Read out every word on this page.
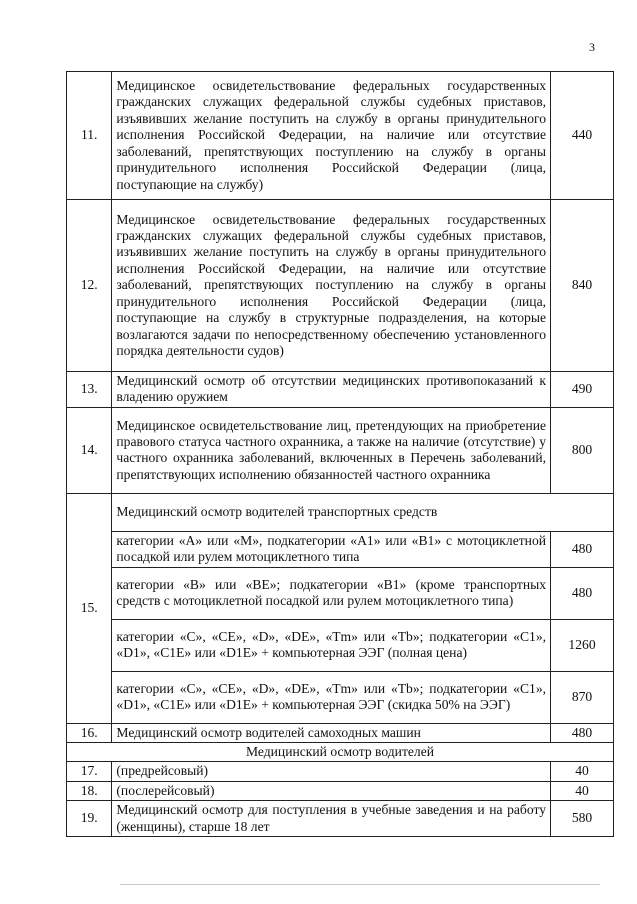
3
11.	Медицинское освидетельствование федеральных государственных гражданских служащих федеральной службы судебных приставов, изъявивших желание поступить на службу в органы принудительного исполнения Российской Федерации, на наличие или отсутствие заболеваний, препятствующих поступлению на службу в органы принудительного исполнения Российской Федерации (лица, поступающие на службу)	440
12.	Медицинское освидетельствование федеральных государственных гражданских служащих федеральной службы судебных приставов, изъявивших желание поступить на службу в органы принудительного исполнения Российской Федерации, на наличие или отсутствие заболеваний, препятствующих поступлению на службу в органы принудительного исполнения Российской Федерации (лица, поступающие на службу в структурные подразделения, на которые возлагаются задачи по непосредственному обеспечению установленного порядка деятельности судов)	840
13.	Медицинский осмотр об отсутствии медицинских противопоказаний к владению оружием	490
14.	Медицинское освидетельствование лиц, претендующих на приобретение правового статуса частного охранника, а также на наличие (отсутствие) у частного охранника заболеваний, включенных в Перечень заболеваний, препятствующих исполнению обязанностей частного охранника	800
15.	Медицинский осмотр водителей транспортных средств	
	категории «А» или «М», подкатегории «А1» или «В1» с мотоциклетной посадкой или рулем мотоциклетного типа	480
	категории «В» или «ВЕ»; подкатегории «В1» (кроме транспортных средств с мотоциклетной посадкой или рулем мотоциклетного типа)	480
	категории «С», «СЕ», «D», «DE», «Tm» или «Tb»; подкатегории «С1», «D1», «С1E» или «D1E» + компьютерная ЭЭГ (полная цена)	1260
	категории «С», «СЕ», «D», «DE», «Tm» или «Tb»; подкатегории «С1», «D1», «С1E» или «D1E» + компьютерная ЭЭГ (скидка 50% на ЭЭГ)	870
16.	Медицинский осмотр водителей самоходных машин	480
Медицинский осмотр водителей		
17.	(предрейсовый)	40
18.	(послерейсовый)	40
19.	Медицинский осмотр для поступления в учебные заведения и на работу (женщины), старше 18 лет	580
